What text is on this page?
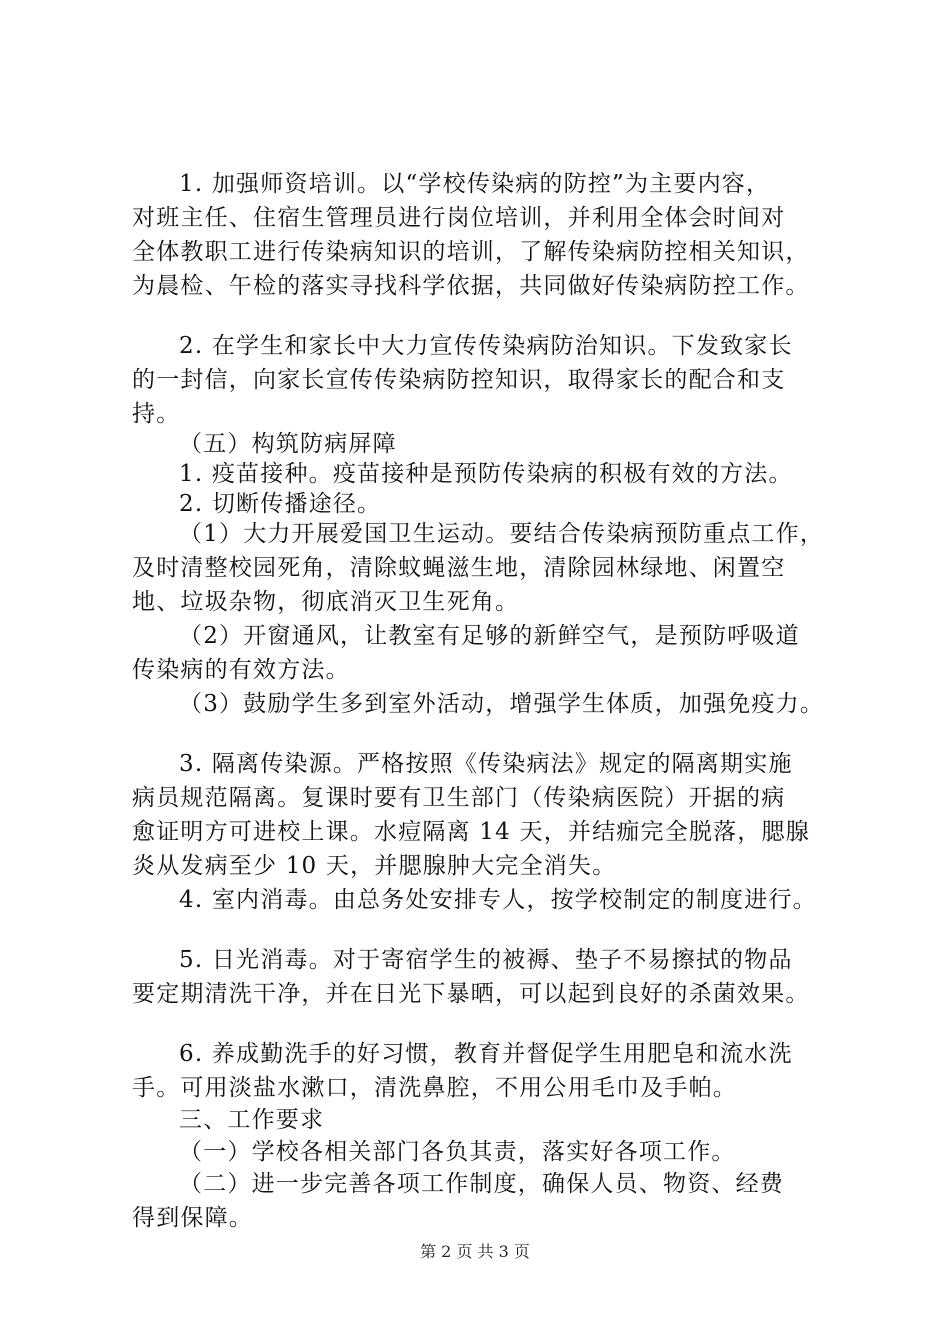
1. 加强师资培训。以“学校传染病的防控”为主要内容，
对班主任、住宿生管理员进行岗位培训，并利用全体会时间对
全体教职工进行传染病知识的培训，了解传染病防控相关知识，
为晨检、午检的落实寻找科学依据，共同做好传染病防控工作。
2. 在学生和家长中大力宣传传染病防治知识。下发致家长
的一封信，向家长宣传传染病防控知识，取得家长的配合和支
持。
（五）构筑防病屏障
1. 疫苗接种。疫苗接种是预防传染病的积极有效的方法。
2. 切断传播途径。
（1）大力开展爱国卫生运动。要结合传染病预防重点工作，
及时清整校园死角，清除蚊蝇滋生地，清除园林绿地、闲置空
地、垃圾杂物，彻底消灭卫生死角。
（2）开窗通风，让教室有足够的新鲜空气，是预防呼吸道
传染病的有效方法。
（3）鼓励学生多到室外活动，增强学生体质，加强免疫力。
3. 隔离传染源。严格按照《传染病法》规定的隔离期实施
病员规范隔离。复课时要有卫生部门（传染病医院）开据的病
愈证明方可进校上课。水痘隔离 14 天，并结痂完全脱落，腮腺
炎从发病至少 10 天，并腮腺肿大完全消失。
4. 室内消毒。由总务处安排专人，按学校制定的制度进行。
5. 日光消毒。对于寄宿学生的被褥、垫子不易擦拭的物品
要定期清洗干净，并在日光下暴晒，可以起到良好的杀菌效果。
6. 养成勤洗手的好习惯，教育并督促学生用肥皂和流水洗
手。可用淡盐水漱口，清洗鼻腔，不用公用毛巾及手帕。
三、工作要求
（一）学校各相关部门各负其责，落实好各项工作。
（二）进一步完善各项工作制度，确保人员、物资、经费
得到保障。
第 2 页 共 3 页
